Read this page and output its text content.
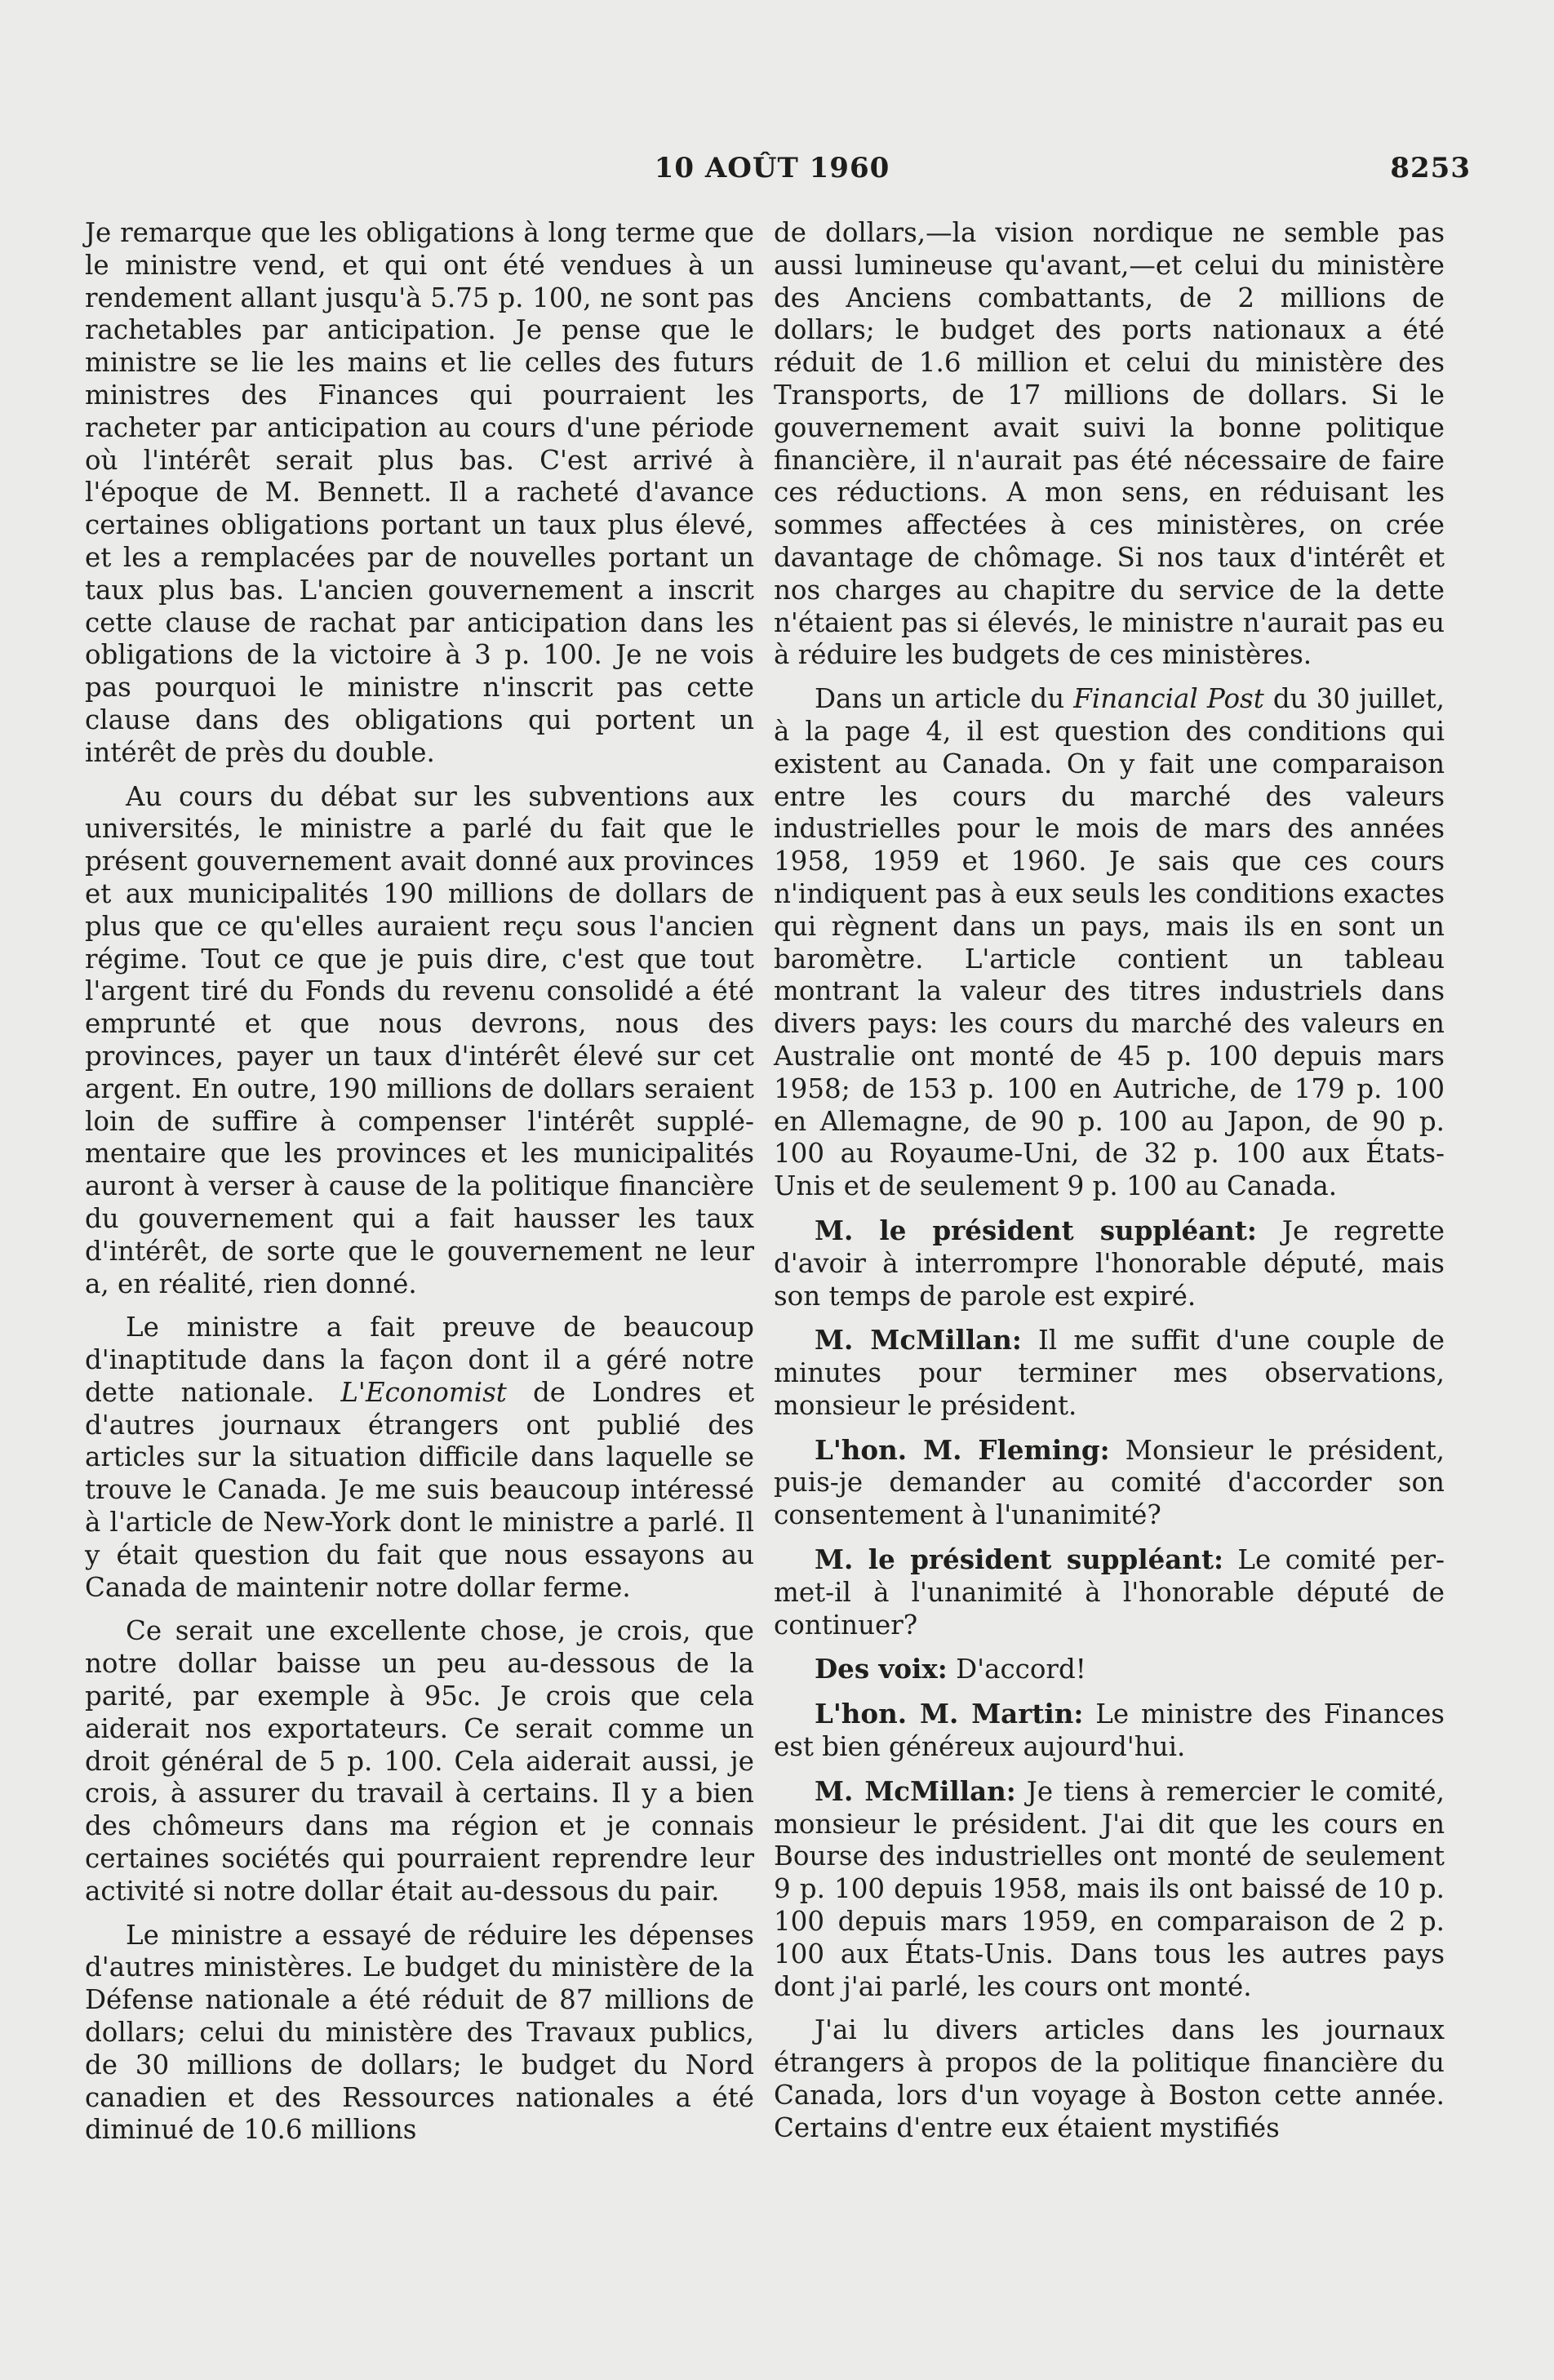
10 AOÛT 1960	8253

Je remarque que les obligations à long terme que le ministre vend, et qui ont été vendues à un rendement allant jusqu'à 5.75 p. 100, ne sont pas rachetables par anticipation. Je pense que le ministre se lie les mains et lie celles des futurs ministres des Finances qui pourraient les racheter par anticipation au cours d'une période où l'intérêt serait plus bas. C'est arrivé à l'époque de M. Bennett. Il a racheté d'avance certaines obligations portant un taux plus élevé, et les a remplacées par de nouvelles portant un taux plus bas. L'ancien gouvernement a inscrit cette clause de rachat par anticipation dans les obligations de la victoire à 3 p. 100. Je ne vois pas pourquoi le ministre n'inscrit pas cette clause dans des obligations qui portent un intérêt de près du double.

Au cours du débat sur les subventions aux universités, le ministre a parlé du fait que le présent gouvernement avait donné aux provinces et aux municipalités 190 millions de dollars de plus que ce qu'elles auraient reçu sous l'ancien régime. Tout ce que je puis dire, c'est que tout l'argent tiré du Fonds du revenu consolidé a été emprunté et que nous devrons, nous des provinces, payer un taux d'intérêt élevé sur cet argent. En outre, 190 millions de dollars seraient loin de suffire à compenser l'intérêt supplémentaire que les provinces et les municipalités auront à verser à cause de la politique financière du gouvernement qui a fait hausser les taux d'intérêt, de sorte que le gouvernement ne leur a, en réalité, rien donné.

Le ministre a fait preuve de beaucoup d'inaptitude dans la façon dont il a géré notre dette nationale. L'Economist de Londres et d'autres journaux étrangers ont publié des articles sur la situation difficile dans laquelle se trouve le Canada. Je me suis beaucoup intéressé à l'article de New-York dont le ministre a parlé. Il y était question du fait que nous essayons au Canada de maintenir notre dollar ferme.

Ce serait une excellente chose, je crois, que notre dollar baisse un peu au-dessous de la parité, par exemple à 95c. Je crois que cela aiderait nos exportateurs. Ce serait comme un droit général de 5 p. 100. Cela aiderait aussi, je crois, à assurer du travail à certains. Il y a bien des chômeurs dans ma région et je connais certaines sociétés qui pourraient reprendre leur activité si notre dollar était au-dessous du pair.

Le ministre a essayé de réduire les dépenses d'autres ministères. Le budget du ministère de la Défense nationale a été réduit de 87 millions de dollars; celui du ministère des Travaux publics, de 30 millions de dollars; le budget du Nord canadien et des Ressources nationales a été diminué de 10.6 millions

de dollars,—la vision nordique ne semble pas aussi lumineuse qu'avant,—et celui du ministère des Anciens combattants, de 2 millions de dollars; le budget des ports nationaux a été réduit de 1.6 million et celui du ministère des Transports, de 17 millions de dollars. Si le gouvernement avait suivi la bonne politique financière, il n'aurait pas été nécessaire de faire ces réductions. A mon sens, en réduisant les sommes affectées à ces ministères, on crée davantage de chômage. Si nos taux d'intérêt et nos charges au chapitre du service de la dette n'étaient pas si élevés, le ministre n'aurait pas eu à réduire les budgets de ces ministères.

Dans un article du Financial Post du 30 juillet, à la page 4, il est question des conditions qui existent au Canada. On y fait une comparaison entre les cours du marché des valeurs industrielles pour le mois de mars des années 1958, 1959 et 1960. Je sais que ces cours n'indiquent pas à eux seuls les conditions exactes qui règnent dans un pays, mais ils en sont un baromètre. L'article contient un tableau montrant la valeur des titres industriels dans divers pays: les cours du marché des valeurs en Australie ont monté de 45 p. 100 depuis mars 1958; de 153 p. 100 en Autriche, de 179 p. 100 en Allemagne, de 90 p. 100 au Japon, de 90 p. 100 au Royaume-Uni, de 32 p. 100 aux États-Unis et de seulement 9 p. 100 au Canada.

M. le président suppléant: Je regrette d'avoir à interrompre l'honorable député, mais son temps de parole est expiré.

M. McMillan: Il me suffit d'une couple de minutes pour terminer mes observations, monsieur le président.

L'hon. M. Fleming: Monsieur le président, puis-je demander au comité d'accorder son consentement à l'unanimité?

M. le président suppléant: Le comité permet-il à l'unanimité à l'honorable député de continuer?

Des voix: D'accord!

L'hon. M. Martin: Le ministre des Finances est bien généreux aujourd'hui.

M. McMillan: Je tiens à remercier le comité, monsieur le président. J'ai dit que les cours en Bourse des industrielles ont monté de seulement 9 p. 100 depuis 1958, mais ils ont baissé de 10 p. 100 depuis mars 1959, en comparaison de 2 p. 100 aux États-Unis. Dans tous les autres pays dont j'ai parlé, les cours ont monté.

J'ai lu divers articles dans les journaux étrangers à propos de la politique financière du Canada, lors d'un voyage à Boston cette année. Certains d'entre eux étaient mystifiés
